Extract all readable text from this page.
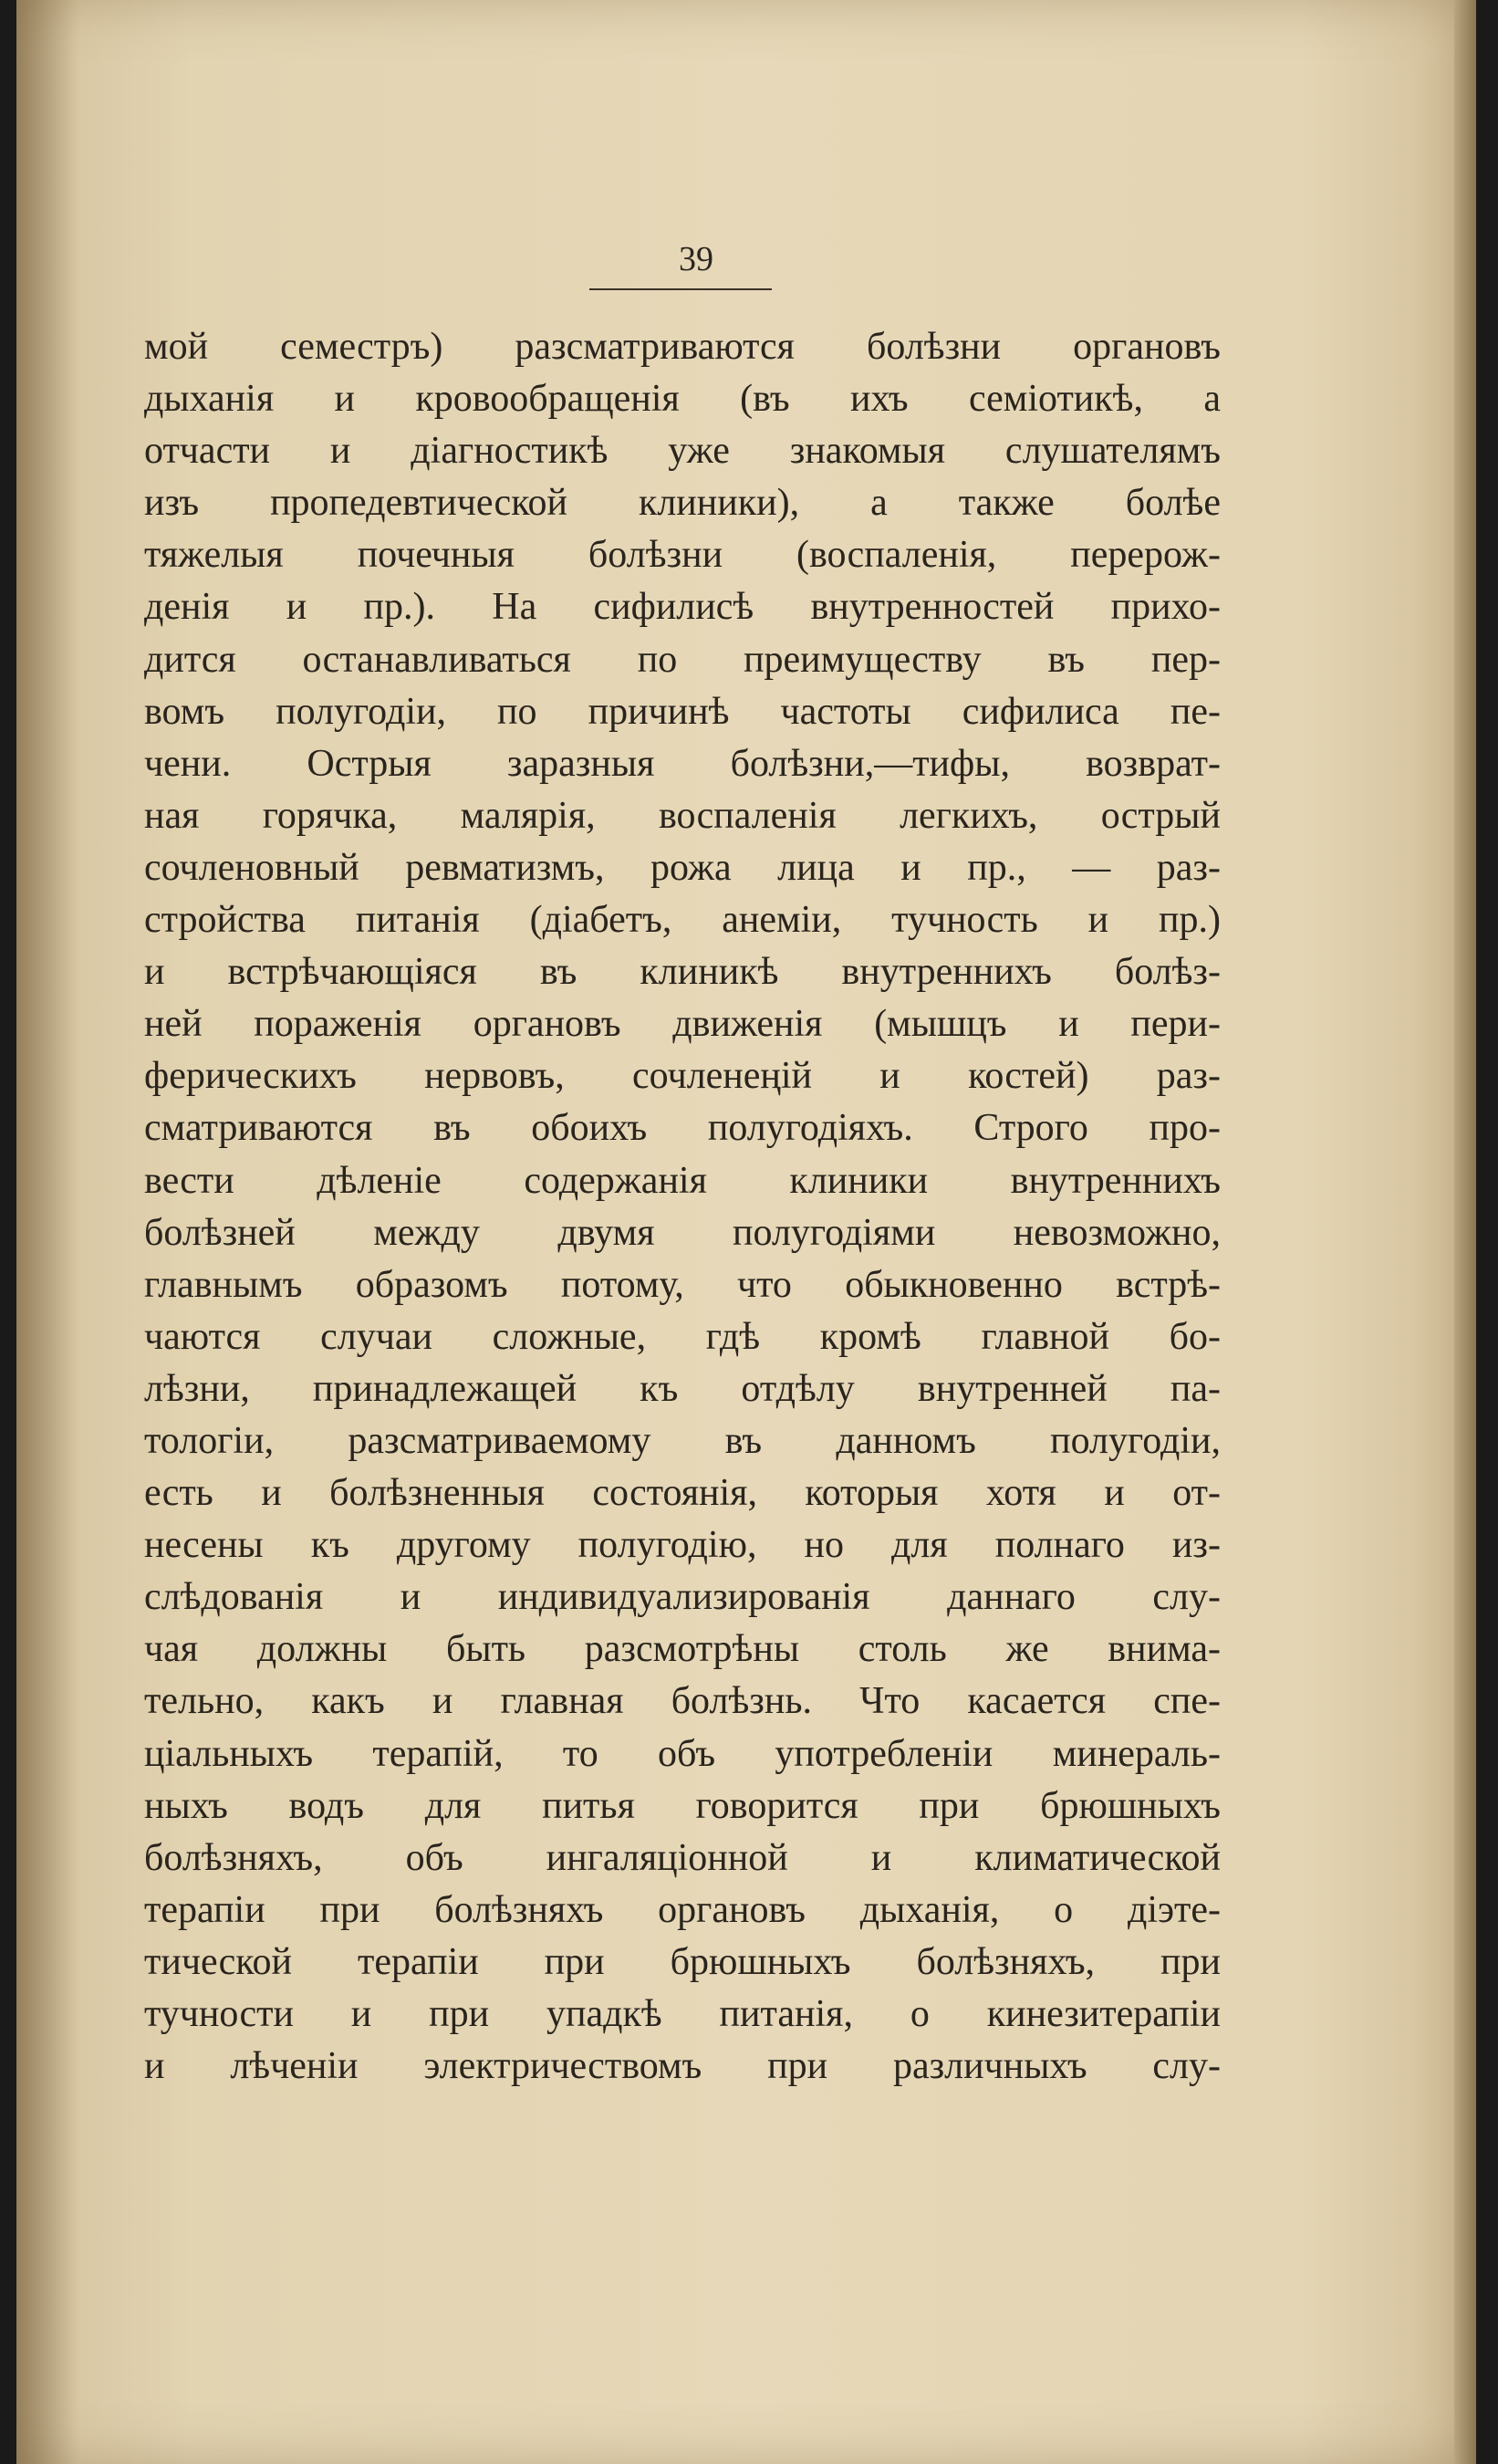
39
мой семестръ) разсматриваются болѣзни органовъ
дыханія и кровообращенія (въ ихъ семіотикѣ, а
отчасти и діагностикѣ уже знакомыя слушателямъ
изъ пропедевтической клиники), а также болѣе
тяжелыя почечныя болѣзни (воспаленія, перерож-
денія и пр.). На сифилисѣ внутренностей прихо-
дится останавливаться по преимуществу въ пер-
вомъ полугодіи, по причинѣ частоты сифилиса пе-
чени. Острыя заразныя болѣзни,—тифы, возврат-
ная горячка, малярія, воспаленія легкихъ, острый
сочленовный ревматизмъ, рожа лица и пр., — раз-
стройства питанія (діабетъ, анеміи, тучность и пр.)
и встрѣчающіяся въ клиникѣ внутреннихъ болѣз-
ней пораженія органовъ движенія (мышцъ и пери-
ферическихъ нервовъ, сочленеңій и костей) раз-
сматриваются въ обоихъ полугодіяхъ. Строго про-
вести дѣленіе содержанія клиники внутреннихъ
болѣзней между двумя полугодіями невозможно,
главнымъ образомъ потому, что обыкновенно встрѣ-
чаются случаи сложные, гдѣ кромѣ главной бо-
лѣзни, принадлежащей къ отдѣлу внутренней па-
тологіи, разсматриваемому въ данномъ полугодіи,
есть и болѣзненныя состоянія, которыя хотя и от-
несены къ другому полугодію, но для полнаго из-
слѣдованія и индивидуализированія даннаго слу-
чая должны быть разсмотрѣны столь же внима-
тельно, какъ и главная болѣзнь. Что касается спе-
ціальныхъ терапій, то объ употребленіи минераль-
ныхъ водъ для питья говорится при брюшныхъ
болѣзняхъ, объ ингаляціонной и климатической
терапіи при болѣзняхъ органовъ дыханія, о діэте-
тической терапіи при брюшныхъ болѣзняхъ, при
тучности и при упадкѣ питанія, о кинезитерапіи
и лѣченіи электричествомъ при различныхъ слу-
